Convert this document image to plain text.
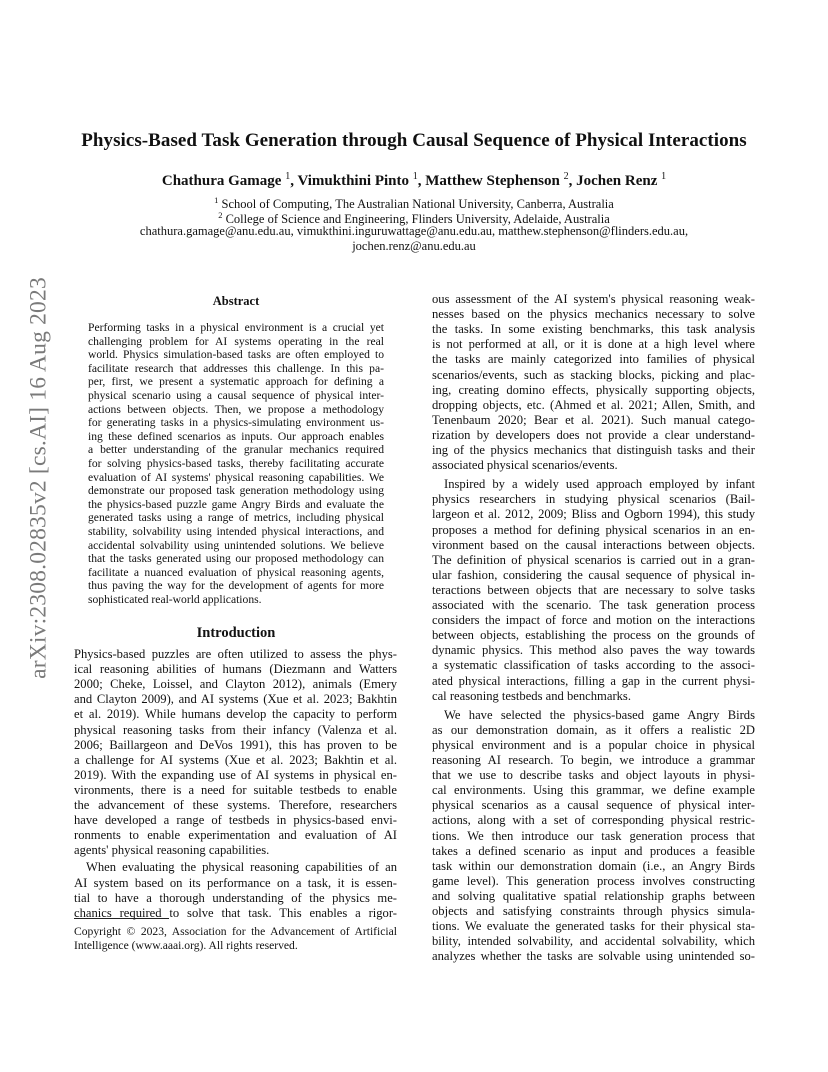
Physics-Based Task Generation through Causal Sequence of Physical Interactions
Chathura Gamage $^1$, Vimukthini Pinto $^1$, Matthew Stephenson $^2$, Jochen Renz $^1$
$^1$ School of Computing, The Australian National University, Canberra, Australia
$^2$ College of Science and Engineering, Flinders University, Adelaide, Australia
chathura.gamage@anu.edu.au, vimukthini.inguruwattage@anu.edu.au, matthew.stephenson@flinders.edu.au,
jochen.renz@anu.edu.au
arXiv:2308.02835v2 [cs.AI] 16 Aug 2023	Abstract
Performing tasks in a physical environment is a crucial yet
challenging problem for AI systems operating in the real
world. Physics simulation-based tasks are often employed to
facilitate research that addresses this challenge. In this pa-
per, first, we present a systematic approach for defining a
physical scenario using a causal sequence of physical inter-
actions between objects. Then, we propose a methodology
for generating tasks in a physics-simulating environment us-
ing these defined scenarios as inputs. Our approach enables
a better understanding of the granular mechanics required
for solving physics-based tasks, thereby facilitating accurate
evaluation of AI systems' physical reasoning capabilities. We
demonstrate our proposed task generation methodology using
the physics-based puzzle game Angry Birds and evaluate the
generated tasks using a range of metrics, including physical
stability, solvability using intended physical interactions, and
accidental solvability using unintended solutions. We believe
that the tasks generated using our proposed methodology can
facilitate a nuanced evaluation of physical reasoning agents,
thus paving the way for the development of agents for more
sophisticated real-world applications.
Introduction
Physics-based puzzles are often utilized to assess the phys-
ical reasoning abilities of humans (Diezmann and Watters
2000; Cheke, Loissel, and Clayton 2012), animals (Emery
and Clayton 2009), and AI systems (Xue et al. 2023; Bakhtin
et al. 2019). While humans develop the capacity to perform
physical reasoning tasks from their infancy (Valenza et al.
2006; Baillargeon and DeVos 1991), this has proven to be
a challenge for AI systems (Xue et al. 2023; Bakhtin et al.
2019). With the expanding use of AI systems in physical en-
vironments, there is a need for suitable testbeds to enable
the advancement of these systems. Therefore, researchers
have developed a range of testbeds in physics-based envi-
ronments to enable experimentation and evaluation of AI
agents' physical reasoning capabilities.
When evaluating the physical reasoning capabilities of an
AI system based on its performance on a task, it is essen-
tial to have a thorough understanding of the physics me-
chanics required to solve that task. This enables a rigor-
ous assessment of the AI system's physical reasoning weak-
nesses based on the physics mechanics necessary to solve
the tasks. In some existing benchmarks, this task analysis
is not performed at all, or it is done at a high level where
the tasks are mainly categorized into families of physical
scenarios/events, such as stacking blocks, picking and plac-
ing, creating domino effects, physically supporting objects,
dropping objects, etc. (Ahmed et al. 2021; Allen, Smith, and
Tenenbaum 2020; Bear et al. 2021). Such manual catego-
rization by developers does not provide a clear understand-
ing of the physics mechanics that distinguish tasks and their
associated physical scenarios/events.
Inspired by a widely used approach employed by infant
physics researchers in studying physical scenarios (Bail-
largeon et al. 2012, 2009; Bliss and Ogborn 1994), this study
proposes a method for defining physical scenarios in an en-
vironment based on the causal interactions between objects.
The definition of physical scenarios is carried out in a gran-
ular fashion, considering the causal sequence of physical in-
teractions between objects that are necessary to solve tasks
associated with the scenario. The task generation process
considers the impact of force and motion on the interactions
between objects, establishing the process on the grounds of
dynamic physics. This method also paves the way towards
a systematic classification of tasks according to the associ-
ated physical interactions, filling a gap in the current physi-
cal reasoning testbeds and benchmarks.
We have selected the physics-based game Angry Birds
as our demonstration domain, as it offers a realistic 2D
physical environment and is a popular choice in physical
reasoning AI research. To begin, we introduce a grammar
that we use to describe tasks and object layouts in physi-
cal environments. Using this grammar, we define example
physical scenarios as a causal sequence of physical inter-
actions, along with a set of corresponding physical restric-
tions. We then introduce our task generation process that
takes a defined scenario as input and produces a feasible
task within our demonstration domain (i.e., an Angry Birds
game level). This generation process involves constructing
and solving qualitative spatial relationship graphs between
objects and satisfying constraints through physics simula-
tions. We evaluate the generated tasks for their physical sta-
bility, intended solvability, and accidental solvability, which
analyzes whether the tasks are solvable using unintended so-
Copyright © 2023, Association for the Advancement of Artificial
Intelligence (www.aaai.org). All rights reserved.
